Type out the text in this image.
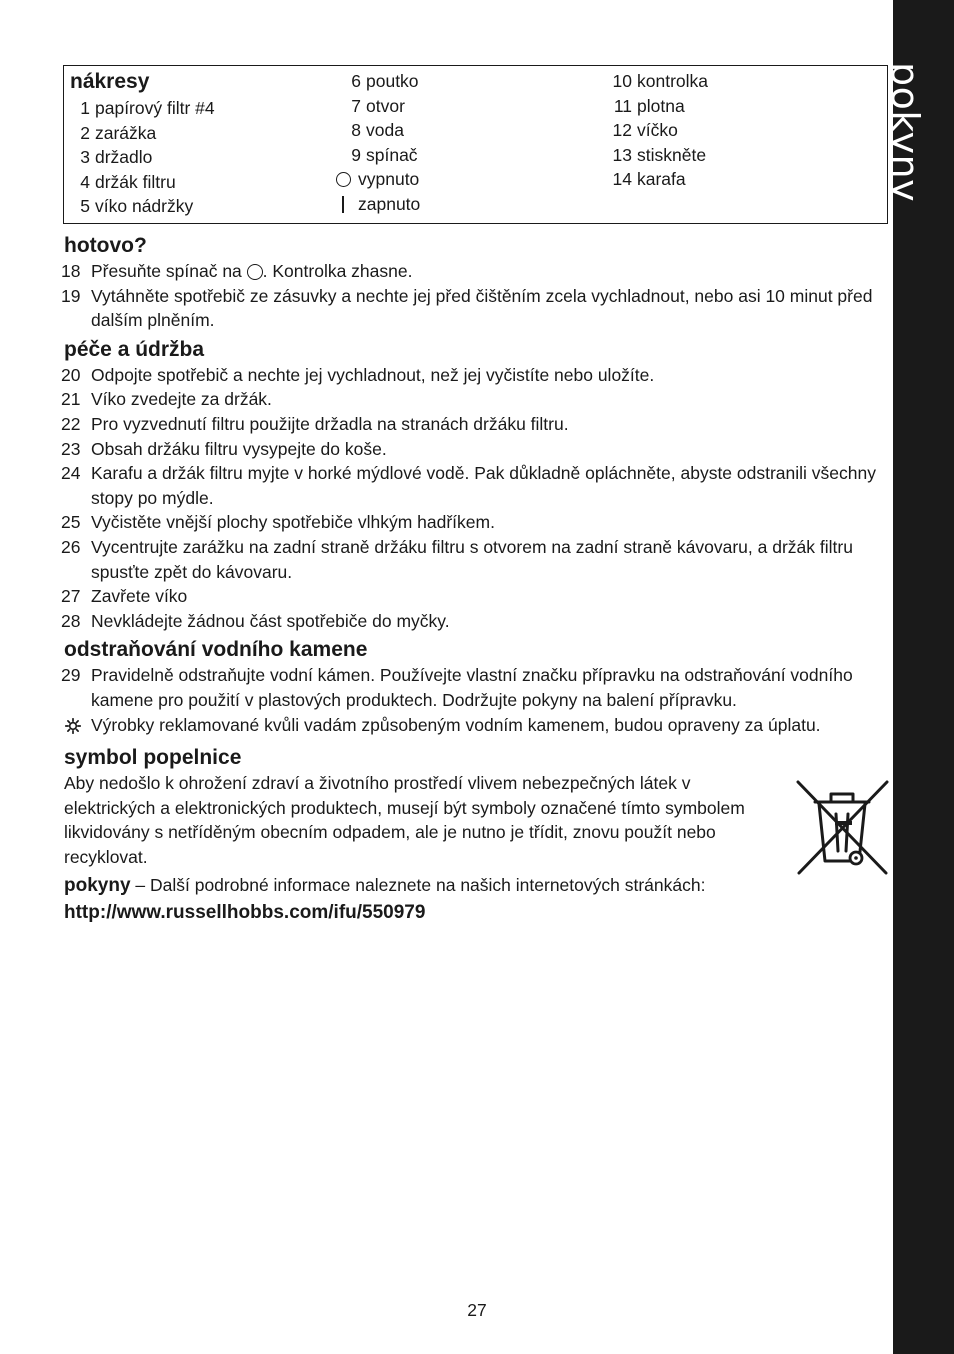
pokyny
nákresy
1 papírový filtr #4
2 zarážka
3 držadlo
4 držák filtru
5 víko nádržky
6 poutko
7 otvor
8 voda
9 spínač
vypnuto
zapnuto
10 kontrolka
11 plotna
12 víčko
13 stiskněte
14 karafa
hotovo?
18 Přesuňte spínač na . Kontrolka zhasne.
19 Vytáhněte spotřebič ze zásuvky a nechte jej před čištěním zcela vychladnout, nebo asi 10 minut před dalším plněním.
péče a údržba
20 Odpojte spotřebič a nechte jej vychladnout, než jej vyčistíte nebo uložíte.
21 Víko zvedejte za držák.
22 Pro vyzvednutí filtru použijte držadla na stranách držáku filtru.
23 Obsah držáku filtru vysypejte do koše.
24 Karafu a držák filtru myjte v horké mýdlové vodě. Pak důkladně opláchněte, abyste odstranili všechny stopy po mýdle.
25 Vyčistěte vnější plochy spotřebiče vlhkým hadříkem.
26 Vycentrujte zarážku na zadní straně držáku filtru s otvorem na zadní straně kávovaru, a držák filtru spusťte zpět do kávovaru.
27 Zavřete víko
28 Nevkládejte žádnou část spotřebiče do myčky.
odstraňování vodního kamene
29 Pravidelně odstraňujte vodní kámen. Používejte vlastní značku přípravku na odstraňování vodního kamene pro použití v plastových produktech. Dodržujte pokyny na balení přípravku.
Výrobky reklamované kvůli vadám způsobeným vodním kamenem, budou opraveny za úplatu.
symbol popelnice
Aby nedošlo k ohrožení zdraví a životního prostředí vlivem nebezpečných látek v elektrických a elektronických produktech, musejí být symboly označené tímto symbolem likvidovány s netříděným obecním odpadem, ale je nutno je třídit, znovu použít nebo recyklovat.
pokyny – Další podrobné informace naleznete na našich internetových stránkách:
http://www.russellhobbs.com/ifu/550979
27
